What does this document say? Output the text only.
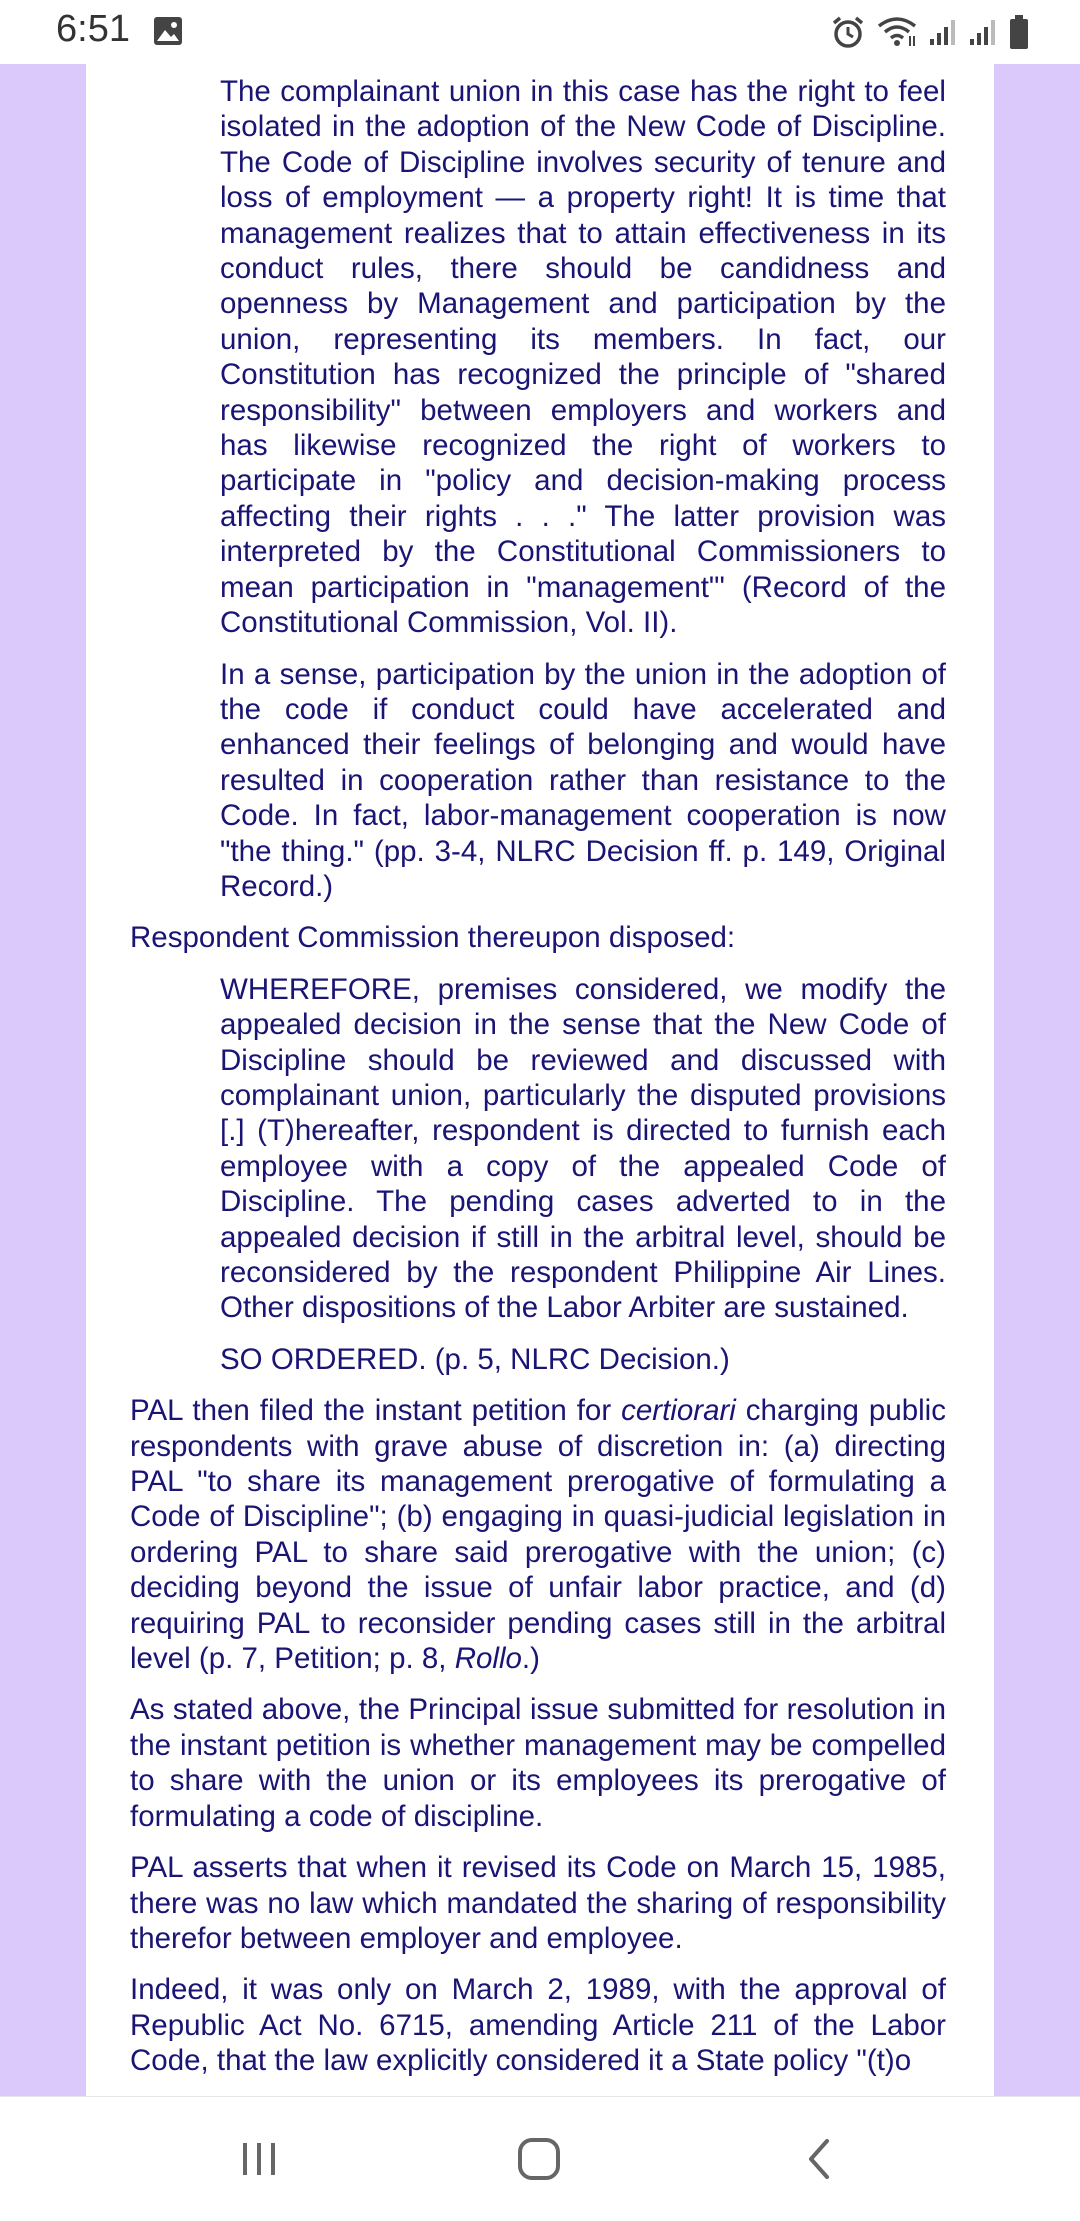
6:51

The complainant union in this case has the right to feel isolated in the adoption of the New Code of Discipline. The Code of Discipline involves security of tenure and loss of employment — a property right! It is time that management realizes that to attain effectiveness in its conduct rules, there should be candidness and openness by Management and participation by the union, representing its members. In fact, our Constitution has recognized the principle of "shared responsibility" between employers and workers and has likewise recognized the right of workers to participate in "policy and decision-making process affecting their rights . . ." The latter provision was interpreted by the Constitutional Commissioners to mean participation in "management"' (Record of the Constitutional Commission, Vol. II).

In a sense, participation by the union in the adoption of the code if conduct could have accelerated and enhanced their feelings of belonging and would have resulted in cooperation rather than resistance to the Code. In fact, labor-management cooperation is now "the thing." (pp. 3-4, NLRC Decision ff. p. 149, Original Record.)

Respondent Commission thereupon disposed:

WHEREFORE, premises considered, we modify the appealed decision in the sense that the New Code of Discipline should be reviewed and discussed with complainant union, particularly the disputed provisions [.] (T)hereafter, respondent is directed to furnish each employee with a copy of the appealed Code of Discipline. The pending cases adverted to in the appealed decision if still in the arbitral level, should be reconsidered by the respondent Philippine Air Lines. Other dispositions of the Labor Arbiter are sustained.

SO ORDERED. (p. 5, NLRC Decision.)

PAL then filed the instant petition for certiorari charging public respondents with grave abuse of discretion in: (a) directing PAL "to share its management prerogative of formulating a Code of Discipline"; (b) engaging in quasi-judicial legislation in ordering PAL to share said prerogative with the union; (c) deciding beyond the issue of unfair labor practice, and (d) requiring PAL to reconsider pending cases still in the arbitral level (p. 7, Petition; p. 8, Rollo.)

As stated above, the Principal issue submitted for resolution in the instant petition is whether management may be compelled to share with the union or its employees its prerogative of formulating a code of discipline.

PAL asserts that when it revised its Code on March 15, 1985, there was no law which mandated the sharing of responsibility therefor between employer and employee.

Indeed, it was only on March 2, 1989, with the approval of Republic Act No. 6715, amending Article 211 of the Labor Code, that the law explicitly considered it a State policy "(t)o
